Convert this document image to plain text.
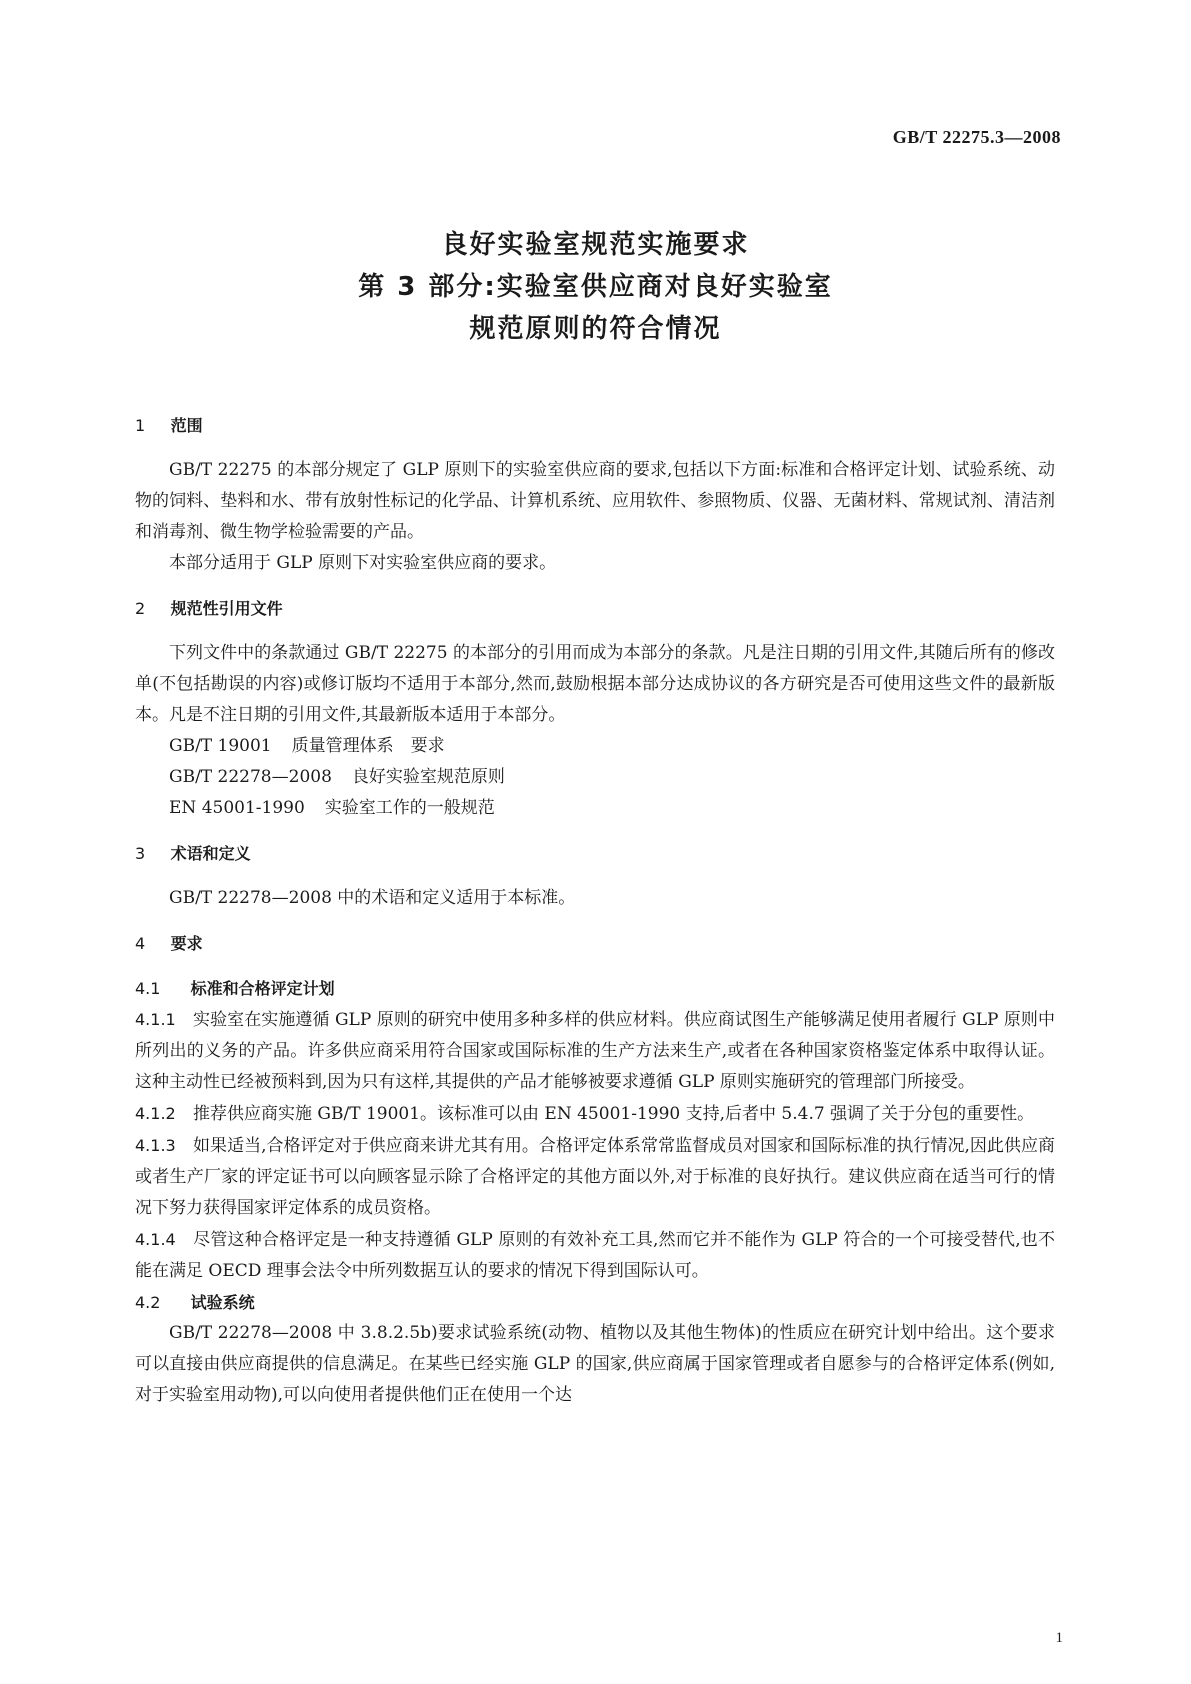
GB/T 22275.3—2008
良好实验室规范实施要求
第 3 部分:实验室供应商对良好实验室
规范原则的符合情况
1 范围

GB/T 22275 的本部分规定了 GLP 原则下的实验室供应商的要求,包括以下方面:标准和合格评定计划、试验系统、动物的饲料、垫料和水、带有放射性标记的化学品、计算机系统、应用软件、参照物质、仪器、无菌材料、常规试剂、清洁剂和消毒剂、微生物学检验需要的产品。

本部分适用于 GLP 原则下对实验室供应商的要求。

2 规范性引用文件

下列文件中的条款通过 GB/T 22275 的本部分的引用而成为本部分的条款。凡是注日期的引用文件,其随后所有的修改单(不包括勘误的内容)或修订版均不适用于本部分,然而,鼓励根据本部分达成协议的各方研究是否可使用这些文件的最新版本。凡是不注日期的引用文件,其最新版本适用于本部分。

GB/T 19001 质量管理体系　要求

GB/T 22278—2008 良好实验室规范原则

EN 45001-1990 实验室工作的一般规范

3 术语和定义

GB/T 22278—2008 中的术语和定义适用于本标准。

4 要求
4.1 标准和合格评定计划

4.1.1 实验室在实施遵循 GLP 原则的研究中使用多种多样的供应材料。供应商试图生产能够满足使用者履行 GLP 原则中所列出的义务的产品。许多供应商采用符合国家或国际标准的生产方法来生产,或者在各种国家资格鉴定体系中取得认证。这种主动性已经被预料到,因为只有这样,其提供的产品才能够被要求遵循 GLP 原则实施研究的管理部门所接受。

4.1.2 推荐供应商实施 GB/T 19001。该标准可以由 EN 45001-1990 支持,后者中 5.4.7 强调了关于分包的重要性。

4.1.3 如果适当,合格评定对于供应商来讲尤其有用。合格评定体系常常监督成员对国家和国际标准的执行情况,因此供应商或者生产厂家的评定证书可以向顾客显示除了合格评定的其他方面以外,对于标准的良好执行。建议供应商在适当可行的情况下努力获得国家评定体系的成员资格。

4.1.4 尽管这种合格评定是一种支持遵循 GLP 原则的有效补充工具,然而它并不能作为 GLP 符合的一个可接受替代,也不能在满足 OECD 理事会法令中所列数据互认的要求的情况下得到国际认可。

4.2 试验系统

GB/T 22278—2008 中 3.8.2.5b)要求试验系统(动物、植物以及其他生物体)的性质应在研究计划中给出。这个要求可以直接由供应商提供的信息满足。在某些已经实施 GLP 的国家,供应商属于国家管理或者自愿参与的合格评定体系(例如,对于实验室用动物),可以向使用者提供他们正在使用一个达

1
